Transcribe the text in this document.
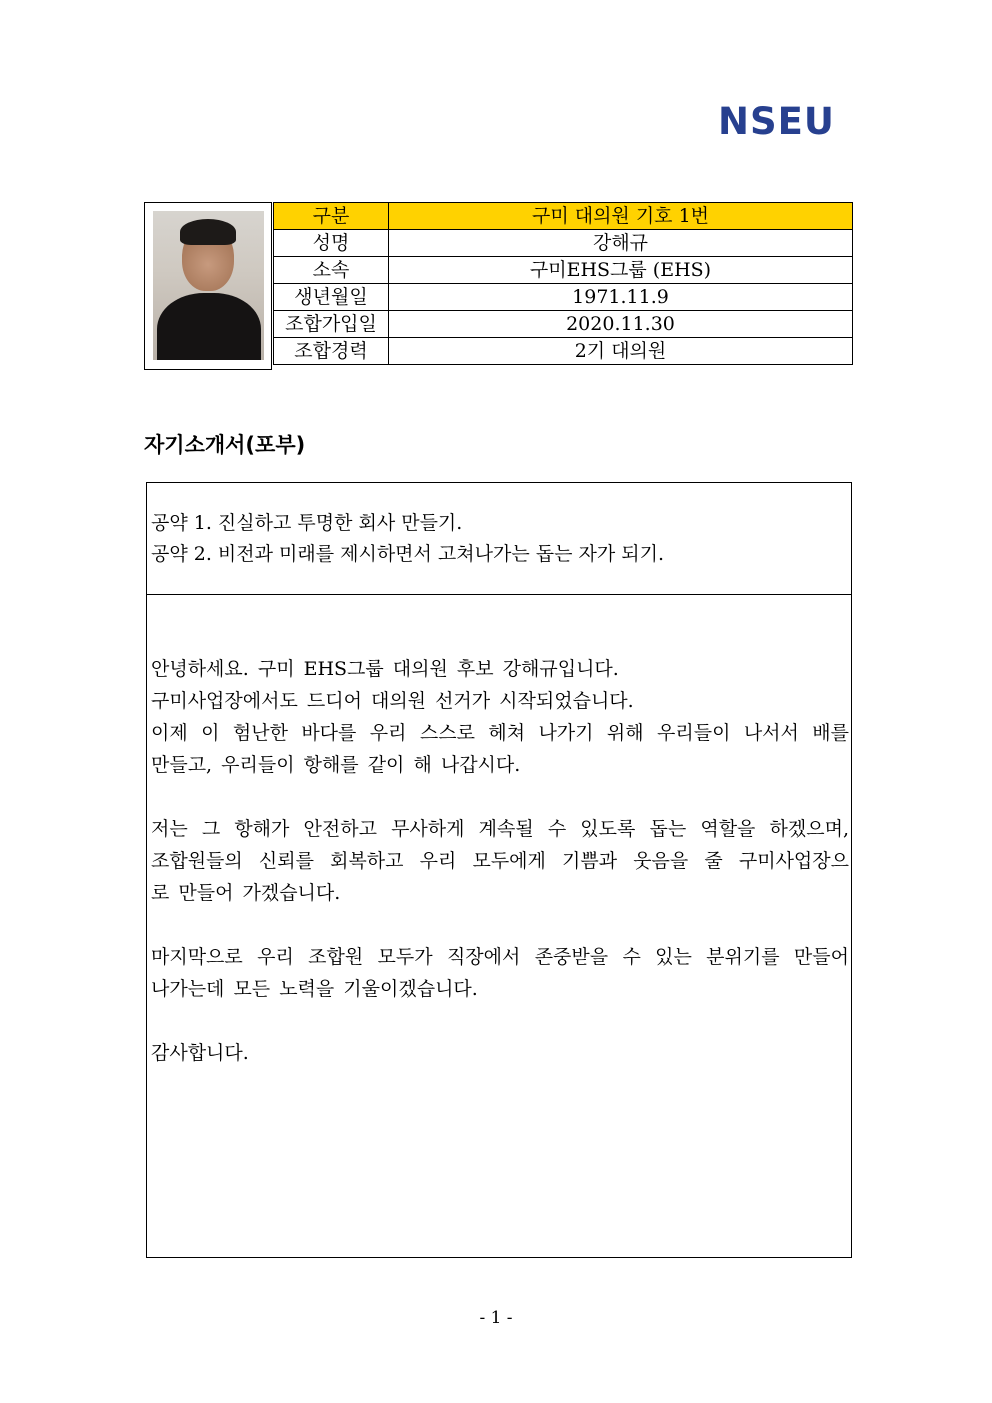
NSEU
구분	구미 대의원 기호 1번
성명	강해규
소속	구미EHS그룹 (EHS)
생년월일	1971.11.9
조합가입일	2020.11.30
조합경력	2기 대의원
자기소개서(포부)
공약 1. 진실하고 투명한 회사 만들기.
공약 2. 비전과 미래를 제시하면서 고쳐나가는 돕는 자가 되기.
안녕하세요. 구미 EHS그룹 대의원 후보 강해규입니다.
구미사업장에서도 드디어 대의원 선거가 시작되었습니다.
이제 이 험난한 바다를 우리 스스로 헤쳐 나가기 위해 우리들이 나서서 배를
만들고, 우리들이 항해를 같이 해 나갑시다.
저는 그 항해가 안전하고 무사하게 계속될 수 있도록 돕는 역할을 하겠으며,
조합원들의 신뢰를 회복하고 우리 모두에게 기쁨과 웃음을 줄 구미사업장으
로 만들어 가겠습니다.
마지막으로 우리 조합원 모두가 직장에서 존중받을 수 있는 분위기를 만들어
나가는데 모든 노력을 기울이겠습니다.
감사합니다.
- 1 -
